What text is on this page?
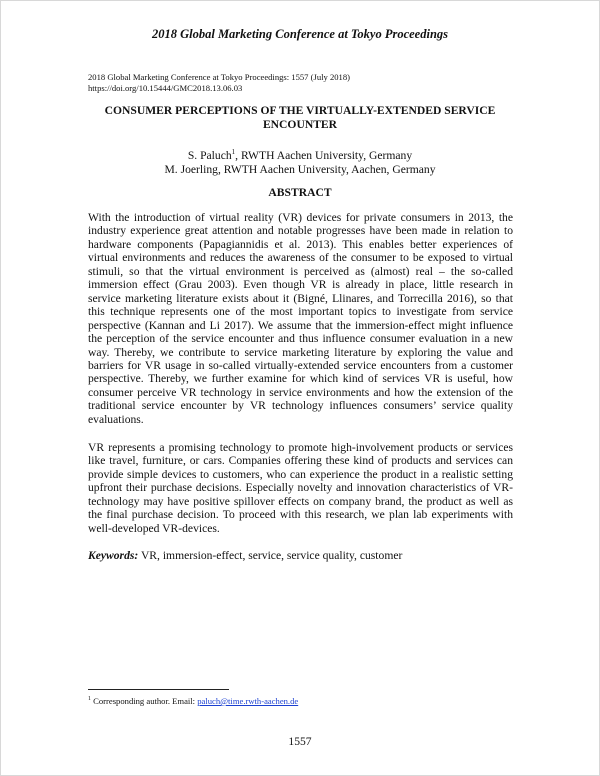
2018 Global Marketing Conference at Tokyo Proceedings
2018 Global Marketing Conference at Tokyo Proceedings: 1557 (July 2018)
https://doi.org/10.15444/GMC2018.13.06.03
CONSUMER PERCEPTIONS OF THE VIRTUALLY-EXTENDED SERVICE
ENCOUNTER
S. Paluch$^1$, RWTH Aachen University, Germany
M. Joerling, RWTH Aachen University, Aachen, Germany
ABSTRACT

With the introduction of virtual reality (VR) devices for private consumers in 2013, the industry experience great attention and notable progresses have been made in relation to hardware components (Papagiannidis et al. 2013). This enables better experiences of virtual environments and reduces the awareness of the consumer to be exposed to virtual stimuli, so that the virtual environment is perceived as (almost) real – the so-called immersion effect (Grau 2003). Even though VR is already in place, little research in service marketing literature exists about it (Bigné, Llinares, and Torrecilla 2016), so that this technique represents one of the most important topics to investigate from service perspective (Kannan and Li 2017). We assume that the immersion-effect might influence the perception of the service encounter and thus influence consumer evaluation in a new way. Thereby, we contribute to service marketing literature by exploring the value and barriers for VR usage in so-called virtually-extended service encounters from a customer perspective. Thereby, we further examine for which kind of services VR is useful, how consumer perceive VR technology in service environments and how the extension of the traditional service encounter by VR technology influences consumers’ service quality evaluations.

VR represents a promising technology to promote high-involvement products or services like travel, furniture, or cars. Companies offering these kind of products and services can provide simple devices to customers, who can experience the product in a realistic setting upfront their purchase decisions. Especially novelty and innovation characteristics of VR-technology may have positive spillover effects on company brand, the product as well as the final purchase decision. To proceed with this research, we plan lab experiments with well-developed VR-devices.

Keywords: VR, immersion-effect, service, service quality, customer
$^1$ Corresponding author. Email: paluch@time.rwth-aachen.de
1557
